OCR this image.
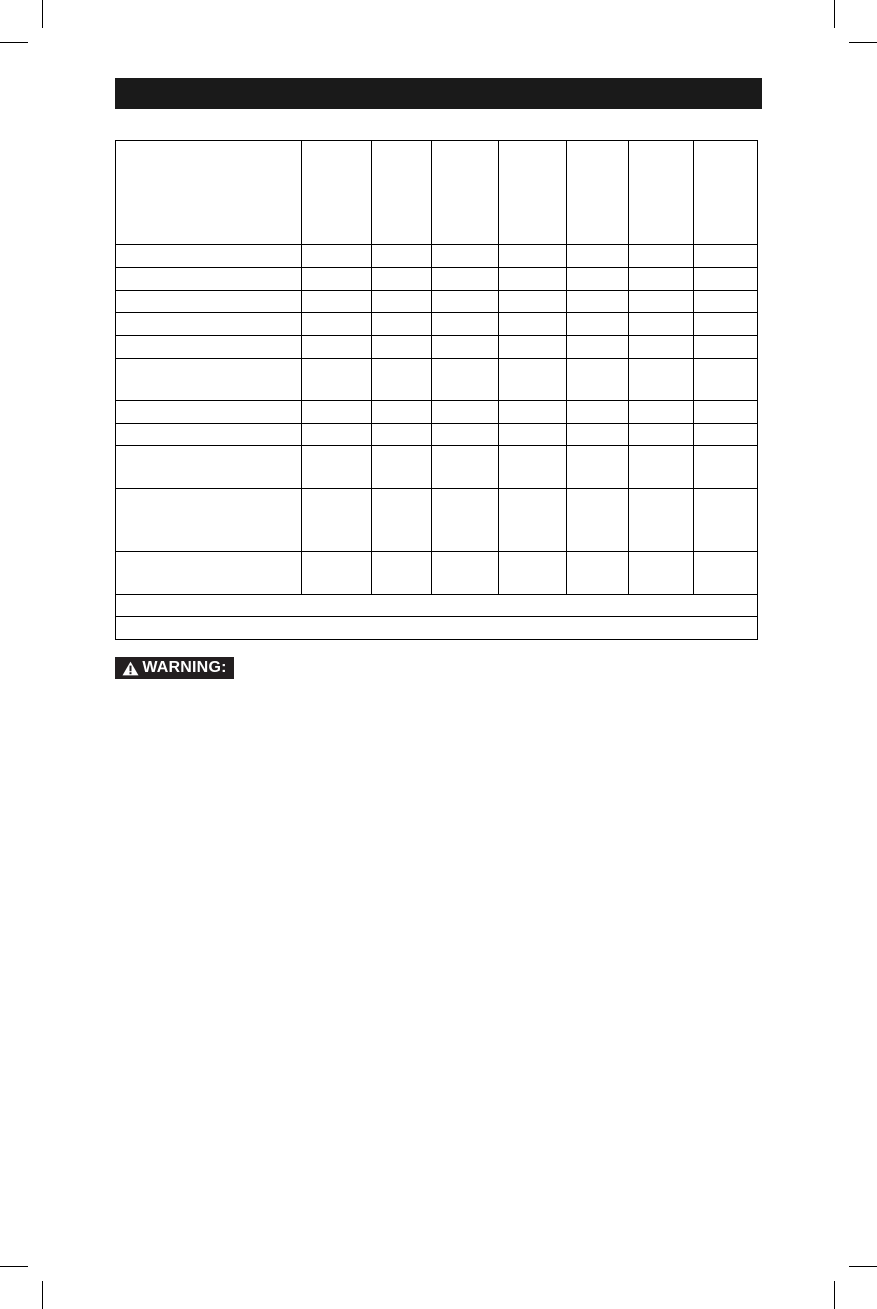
WARNING:
